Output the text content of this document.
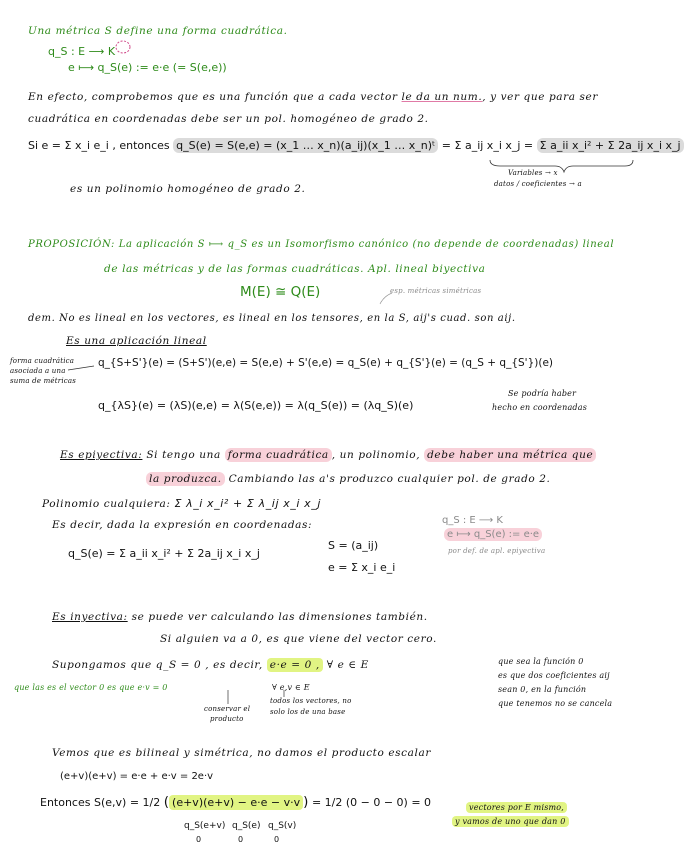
Una métrica S define una forma cuadrática.
q_S : E ⟶ K
e ⟼ q_S(e) := e·e (= S(e,e))
En efecto, comprobemos que es una función que a cada vector le da un num., y ver que para ser
cuadrática en coordenadas debe ser un pol. homogéneo de grado 2.
Si e = Σ x_i e_i , entonces q_S(e) = S(e,e) = (x_1 … x_n)(a_ij)(x_1 … x_n)ᵗ = Σ a_ij x_i x_j = Σ a_ii x_i² + Σ 2a_ij x_i x_j
Variables → x
datos / coeficientes → a
es un polinomio homogéneo de grado 2.
PROPOSICIÓN: La aplicación S ⟼ q_S es un Isomorfismo canónico (no depende de coordenadas) lineal
de las métricas y de las formas cuadráticas. Apl. lineal biyectiva
M(E) ≅ Q(E)	esp. métricas simétricas
dem. No es lineal en los vectores, es lineal en los tensores, en la S, aij's cuad. son aij.
Es una aplicación lineal
forma cuadrática
asociada a una
suma de métricas
q_{S+S'}(e) = (S+S')(e,e) = S(e,e) + S'(e,e) = q_S(e) + q_{S'}(e) = (q_S + q_{S'})(e)
q_{λS}(e) = (λS)(e,e) = λ(S(e,e)) = λ(q_S(e)) = (λq_S)(e)
Se podría haber
hecho en coordenadas
Es epiyectiva: Si tengo una forma cuadrática , un polinomio, debe haber una métrica que
la produzca. Cambiando las a's produzco cualquier pol. de grado 2.
Polinomio cualquiera: Σ λ_i x_i² + Σ λ_ij x_i x_j
Es decir, dada la expresión en coordenadas:
q_S(e) = Σ a_ii x_i² + Σ 2a_ij x_i x_j
S = (a_ij)
e = Σ x_i e_i
q_S : E ⟶ K
e ⟼ q_S(e) := e·e
por def. de apl. epiyectiva
Es inyectiva: se puede ver calculando las dimensiones también.
Si alguien va a 0, es que viene del vector cero.
Supongamos que q_S = 0 , es decir, e·e = 0 , ∀ e ∈ E
que las es el vector 0 es que e·v = 0	∀ e,v ∈ E
conservar el
producto
todos los vectores, no
solo los de una base
que sea la función 0
es que dos coeficientes aij
sean 0, en la función
que tenemos no se cancela
Vemos que es bilineal y simétrica, no damos el producto escalar
(e+v)(e+v) = e·e + e·v = 2e·v
Entonces S(e,v) = 1/2 ( (e+v)(e+v) − e·e − v·v ) = 1/2 (0 − 0 − 0) = 0
q_S(e+v) q_S(e) q_S(v)
0	0	0
vectores por E mismo,
y vamos de uno que dan 0
